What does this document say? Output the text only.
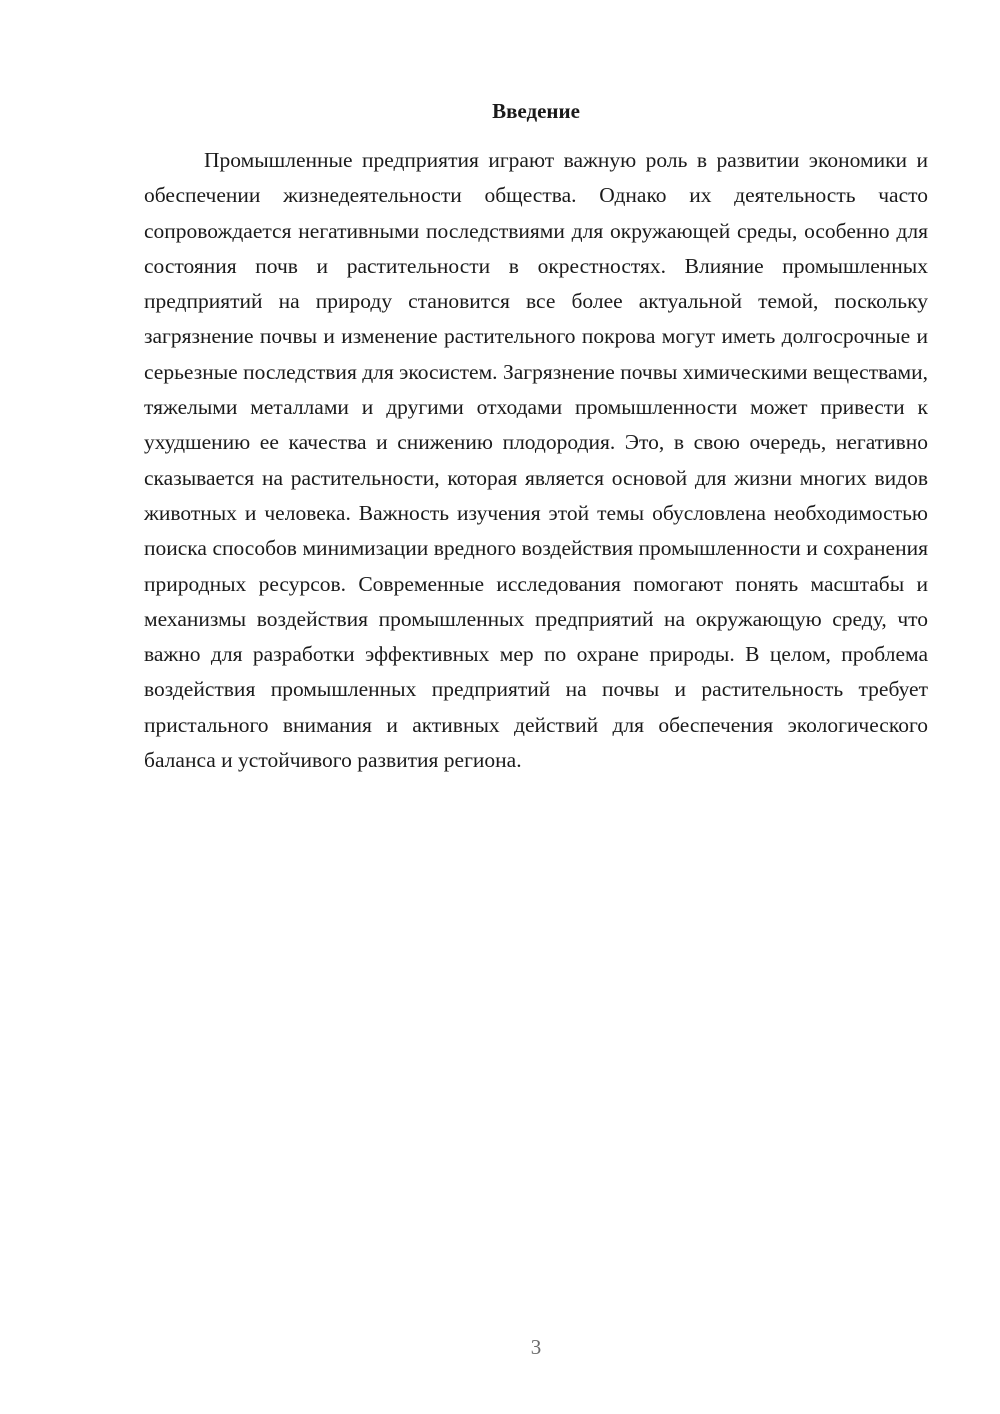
Введение

Промышленные предприятия играют важную роль в развитии экономики и обеспечении жизнедеятельности общества. Однако их деятельность часто сопровождается негативными последствиями для окружающей среды, особенно для состояния почв и растительности в окрестностях. Влияние промышленных предприятий на природу становится все более актуальной темой, поскольку загрязнение почвы и изменение растительного покрова могут иметь долгосрочные и серьезные последствия для экосистем. Загрязнение почвы химическими веществами, тяжелыми металлами и другими отходами промышленности может привести к ухудшению ее качества и снижению плодородия. Это, в свою очередь, негативно сказывается на растительности, которая является основой для жизни многих видов животных и человека. Важность изучения этой темы обусловлена необходимостью поиска способов минимизации вредного воздействия промышленности и сохранения природных ресурсов. Современные исследования помогают понять масштабы и механизмы воздействия промышленных предприятий на окружающую среду, что важно для разработки эффективных мер по охране природы. В целом, проблема воздействия промышленных предприятий на почвы и растительность требует пристального внимания и активных действий для обеспечения экологического баланса и устойчивого развития региона.

3
